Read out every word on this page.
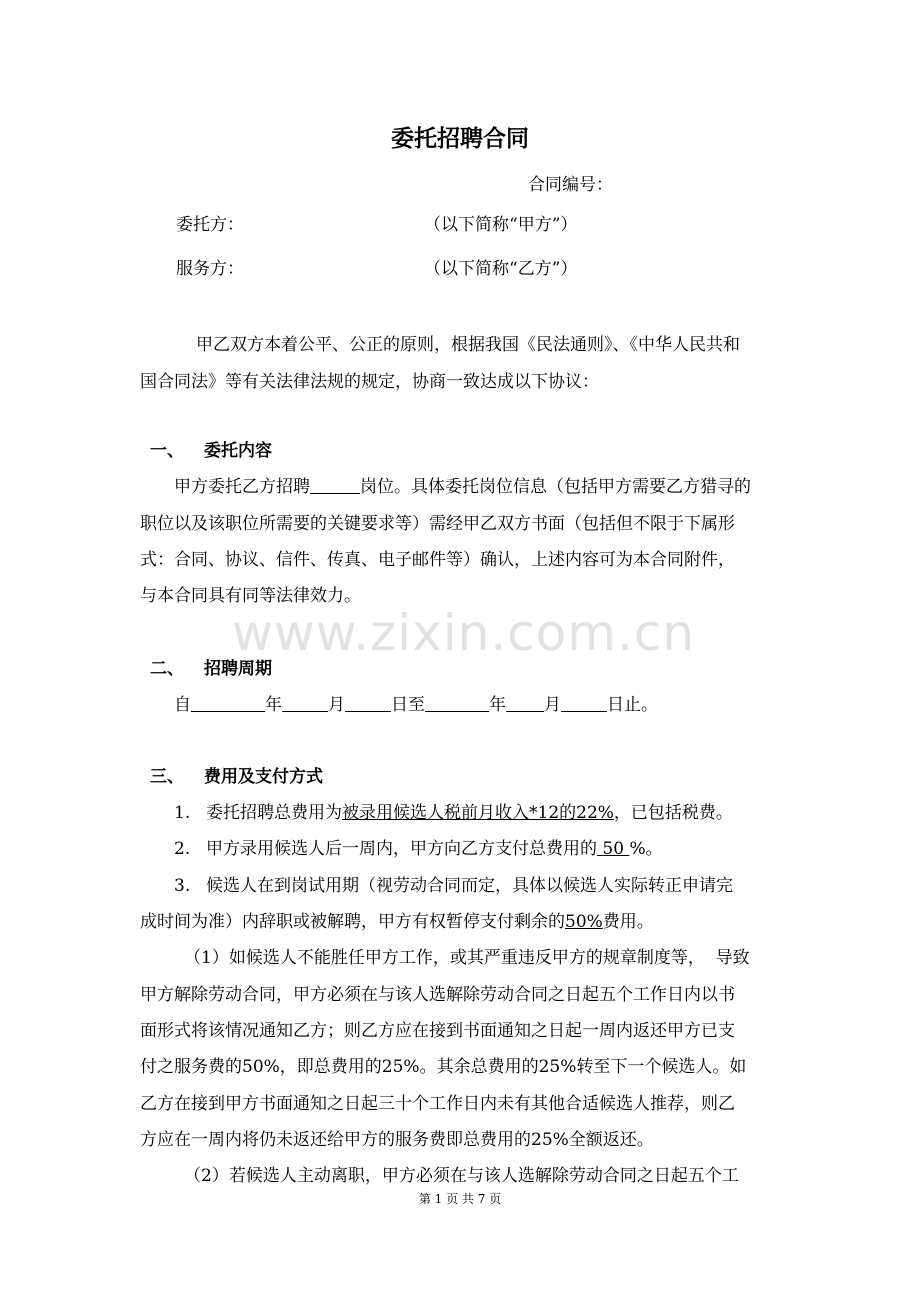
www.zixin.com.cn
委托招聘合同
合同编号：
委托方：	（以下简称“甲方”）
服务方：	（以下简称“乙方”）
甲乙双方本着公平、公正的原则，根据我国《民法通则》、《中华人民共和
国合同法》等有关法律法规的规定，协商一致达成以下协议：
一、 委托内容
甲方委托乙方招聘	岗位。具体委托岗位信息（包括甲方需要乙方猎寻的
职位以及该职位所需要的关键要求等）需经甲乙双方书面（包括但不限于下属形
式：合同、协议、信件、传真、电子邮件等）确认，上述内容可为本合同附件，
与本合同具有同等法律效力。
二、 招聘周期
自	年	月	日至	年 月	日止。
三、 费用及支付方式
1. 委托招聘总费用为被录用候选人税前月收入*12的22%，已包括税费。
2. 甲方录用候选人后一周内，甲方向乙方支付总费用的 50 %。
3. 候选人在到岗试用期（视劳动合同而定，具体以候选人实际转正申请完
成时间为准）内辞职或被解聘，甲方有权暂停支付剩余的50%费用。
（1）如候选人不能胜任甲方工作，或其严重违反甲方的规章制度等，  导致
甲方解除劳动合同，甲方必须在与该人选解除劳动合同之日起五个工作日内以书
面形式将该情况通知乙方；则乙方应在接到书面通知之日起一周内返还甲方已支
付之服务费的50%，即总费用的25%。其余总费用的25%转至下一个候选人。如
乙方在接到甲方书面通知之日起三十个工作日内未有其他合适候选人推荐，则乙
方应在一周内将仍未返还给甲方的服务费即总费用的25%全额返还。
（2）若候选人主动离职，甲方必须在与该人选解除劳动合同之日起五个工
第 1 页 共 7 页
